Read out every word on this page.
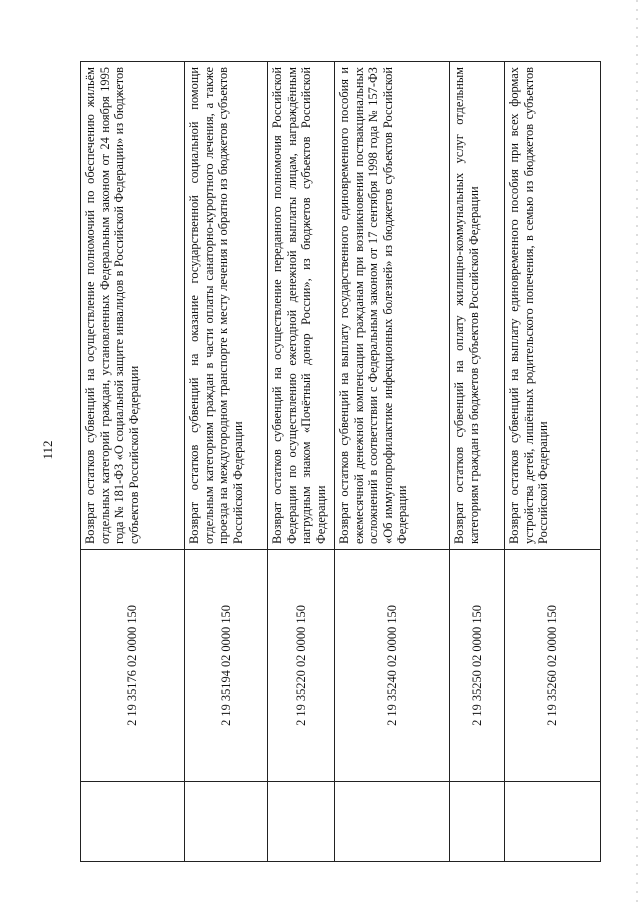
112
	2 19 35176 02 0000 150	Возврат остатков субвенций на осуществление полномочий по обеспечению жильём отдельных категорий граждан, установленных Федеральным законом от 24 ноября 1995 года № 181-ФЗ «О социальной защите инвалидов в Российской Федерации» из бюджетов субъектов Российской Федерации
	2 19 35194 02 0000 150	Возврат остатков субвенций на оказание государственной социальной помощи отдельным категориям граждан в части оплаты санаторно-курортного лечения, а также проезда на междугородном транспорте к месту лечения и обратно из бюджетов субъектов Российской Федерации
	2 19 35220 02 0000 150	Возврат остатков субвенций на осуществление переданного полномочия Российской Федерации по осуществлению ежегодной денежной выплаты лицам, награждённым нагрудным знаком «Почётный донор России», из бюджетов субъектов Российской Федерации
	2 19 35240 02 0000 150	Возврат остатков субвенций на выплату государственного единовременного пособия и ежемесячной денежной компенсации гражданам при возникновении поствакцинальных осложнений в соответствии с Федеральным законом от 17 сентября 1998 года № 157-ФЗ «Об иммунопрофилактике инфекционных болезней» из бюджетов субъектов Российской Федерации
	2 19 35250 02 0000 150	Возврат остатков субвенций на оплату жилищно-коммунальных услуг отдельным категориям граждан из бюджетов субъектов Российской Федерации
	2 19 35260 02 0000 150	Возврат остатков субвенций на выплату единовременного пособия при всех формах устройства детей, лишённых родительского попечения, в семью из бюджетов субъектов Российской Федерации
